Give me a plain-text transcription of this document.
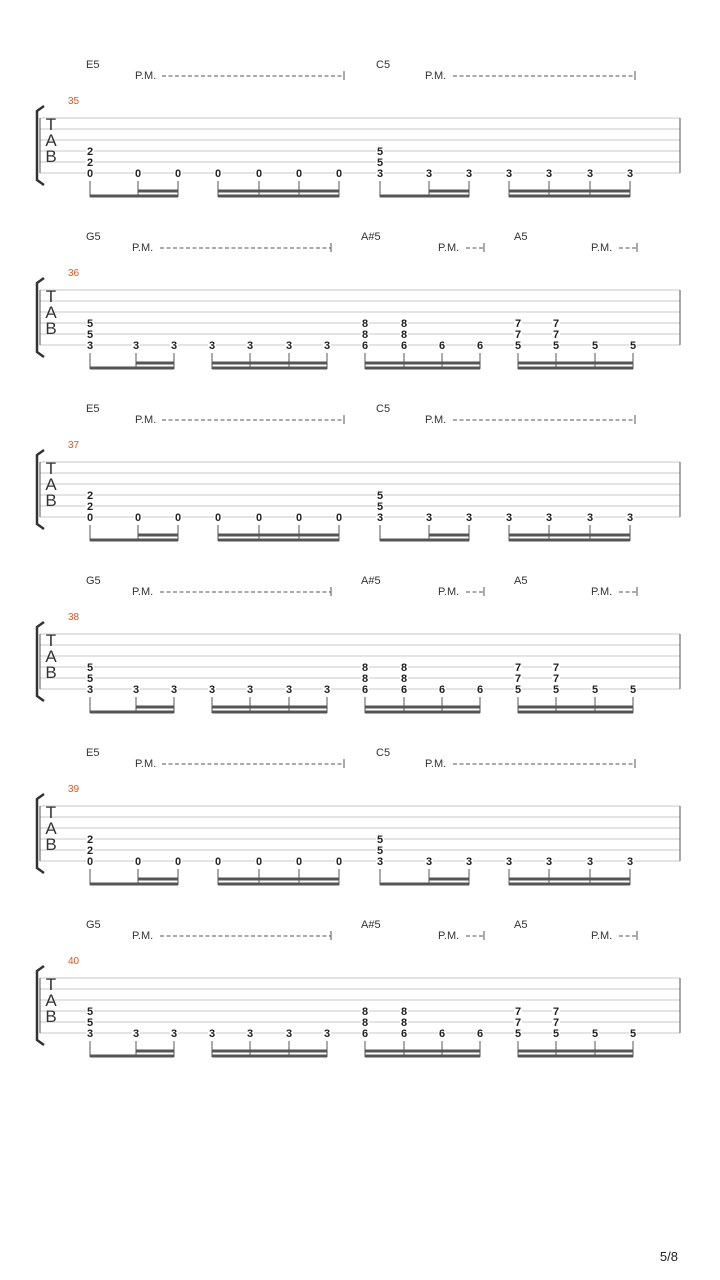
E5	C5
P.M.	P.M.
35
T
A
B
0
2
2
0	0	0	0	0	0	3
5
5
3	3	3	3	3	3
G5	A#5	A5
P.M.	P.M.	P.M.
36
T
A
B
3
5
5
3	3	3	3	3	3	6
8
8
6
8
8
6	6	5
7
7
5
7
7
5	5
E5	C5
P.M.	P.M.
37
T
A
B
0
2
2
0	0	0	0	0	0	3
5
5
3	3	3	3	3	3
G5	A#5	A5
P.M.	P.M.	P.M.
38
T
A
B
3
5
5
3	3	3	3	3	3	6
8
8
6
8
8
6	6	5
7
7
5
7
7
5	5
E5	C5
P.M.	P.M.
39
T
A
B
0
2
2
0	0	0	0	0	0	3
5
5
3	3	3	3	3	3
G5	A#5	A5
P.M.	P.M.	P.M.
40
T
A
B
3
5
5
3	3	3	3	3	3	6
8
8
6
8
8
6	6	5
7
7
5
7
7
5	5
5/8
